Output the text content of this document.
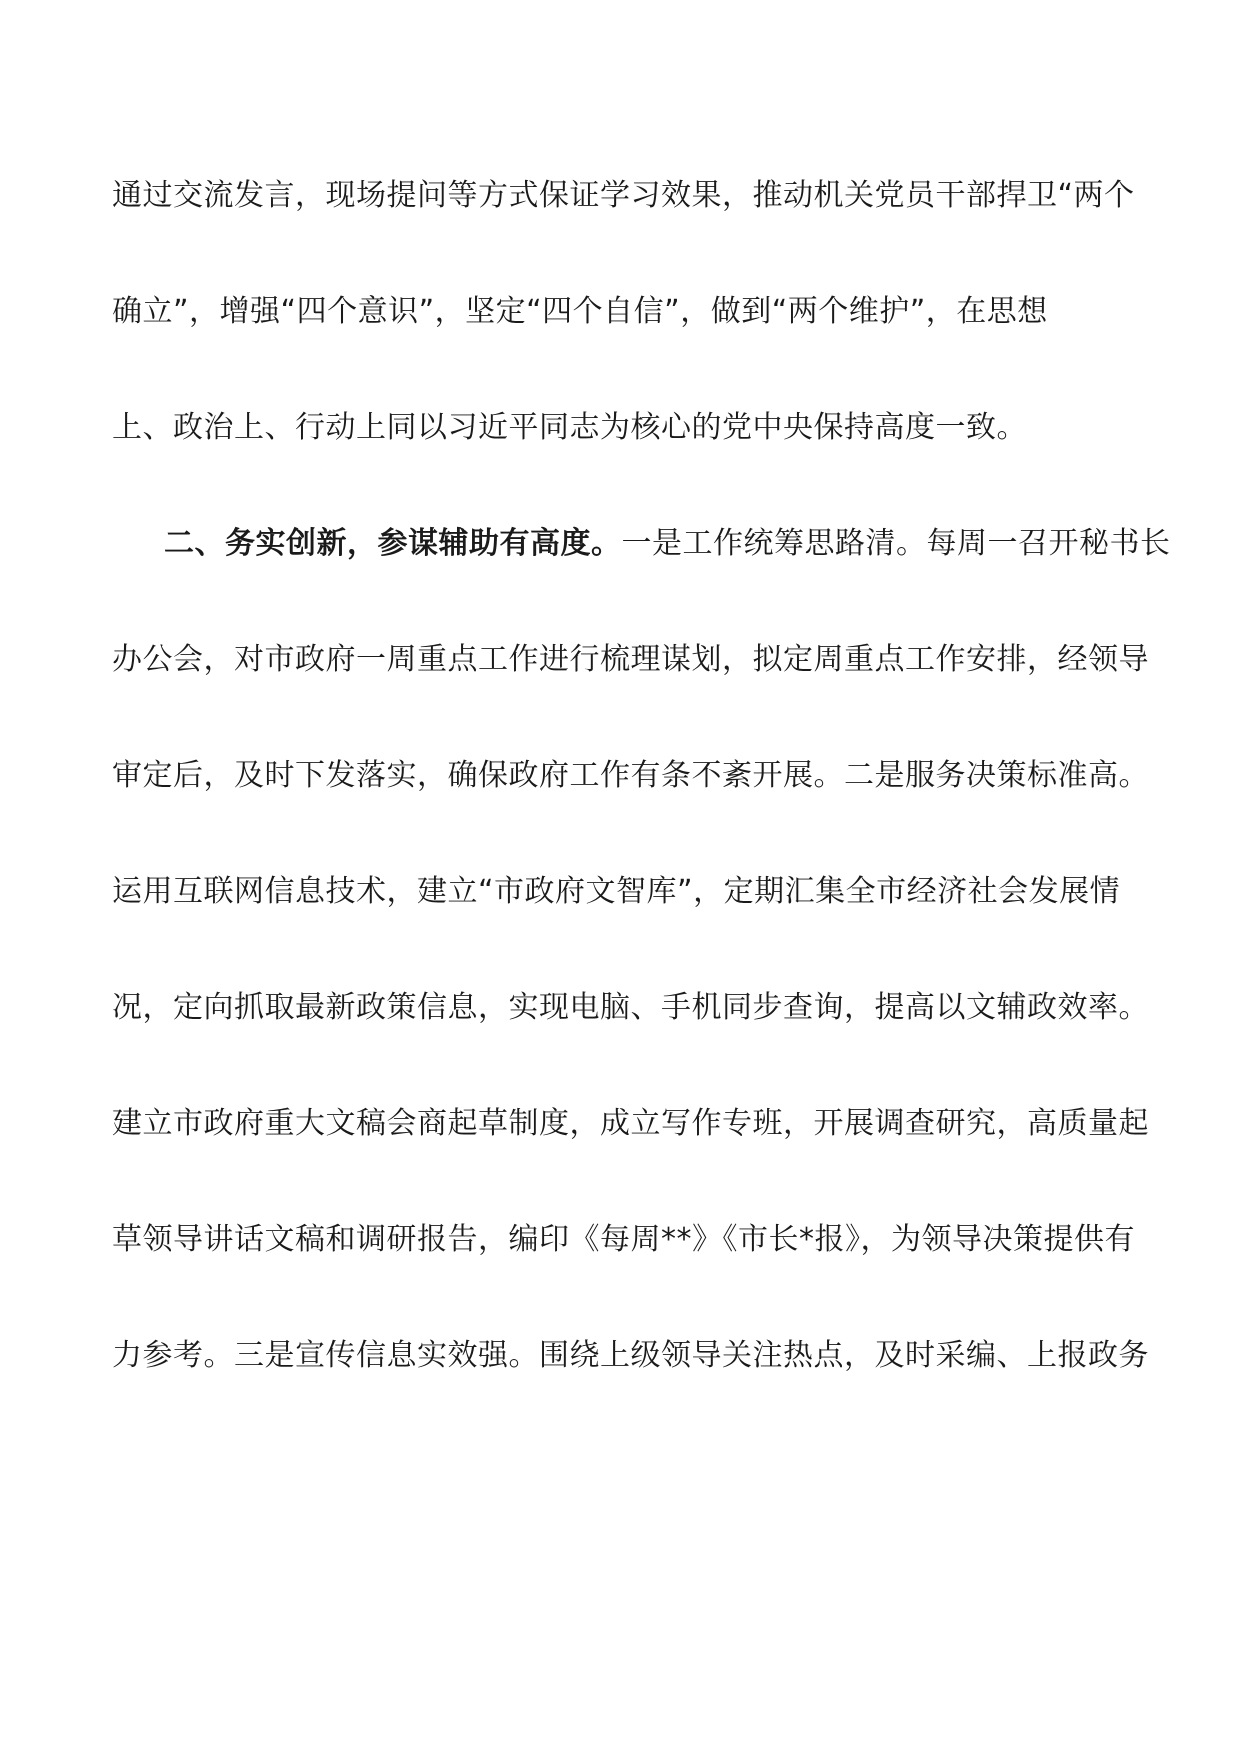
通过交流发言，现场提问等方式保证学习效果，推动机关党员干部捍卫“两个
确立”，增强“四个意识”，坚定“四个自信”，做到“两个维护”，在思想
上、政治上、行动上同以习近平同志为核心的党中央保持高度一致。
二、务实创新，参谋辅助有高度。一是工作统筹思路清。每周一召开秘书长
办公会，对市政府一周重点工作进行梳理谋划，拟定周重点工作安排，经领导
审定后，及时下发落实，确保政府工作有条不紊开展。二是服务决策标准高。
运用互联网信息技术，建立“市政府文智库”，定期汇集全市经济社会发展情
况，定向抓取最新政策信息，实现电脑、手机同步查询，提高以文辅政效率。
建立市政府重大文稿会商起草制度，成立写作专班，开展调查研究，高质量起
草领导讲话文稿和调研报告，编印《每周**》《市长*报》，为领导决策提供有
力参考。三是宣传信息实效强。围绕上级领导关注热点，及时采编、上报政务
